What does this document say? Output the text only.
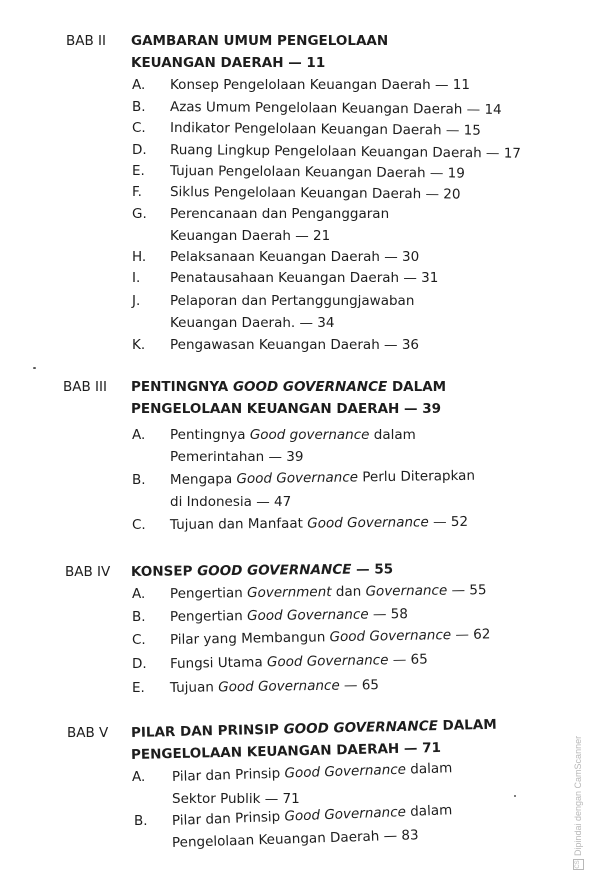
BAB II GAMBARAN UMUM PENGELOLAAN
KEUANGAN DAERAH — 11
A. Konsep Pengelolaan Keuangan Daerah — 11
B. Azas Umum Pengelolaan Keuangan Daerah — 14
C. Indikator Pengelolaan Keuangan Daerah — 15
D. Ruang Lingkup Pengelolaan Keuangan Daerah — 17
E. Tujuan Pengelolaan Keuangan Daerah — 19
F. Siklus Pengelolaan Keuangan Daerah — 20
G. Perencanaan dan Penganggaran
Keuangan Daerah — 21
H. Pelaksanaan Keuangan Daerah — 30
I. Penatausahaan Keuangan Daerah — 31
J. Pelaporan dan Pertanggungjawaban
Keuangan Daerah. — 34
K. Pengawasan Keuangan Daerah — 36
BAB III PENTINGNYA GOOD GOVERNANCE DALAM
PENGELOLAAN KEUANGAN DAERAH — 39
A. Pentingnya Good governance dalam
Pemerintahan — 39
B. Mengapa Good Governance Perlu Diterapkan
di Indonesia — 47
C. Tujuan dan Manfaat Good Governance — 52
BAB IV KONSEP GOOD GOVERNANCE — 55
A. Pengertian Government dan Governance — 55
B. Pengertian Good Governance — 58
C. Pilar yang Membangun Good Governance — 62
D. Fungsi Utama Good Governance — 65
E. Tujuan Good Governance — 65
BAB V PILAR DAN PRINSIP GOOD GOVERNANCE DALAM
PENGELOLAAN KEUANGAN DAERAH — 71
A. Pilar dan Prinsip Good Governance dalam
Sektor Publik — 71
B. Pilar dan Prinsip Good Governance dalam
Pengelolaan Keuangan Daerah — 83
CSDipindai dengan CamScanner
